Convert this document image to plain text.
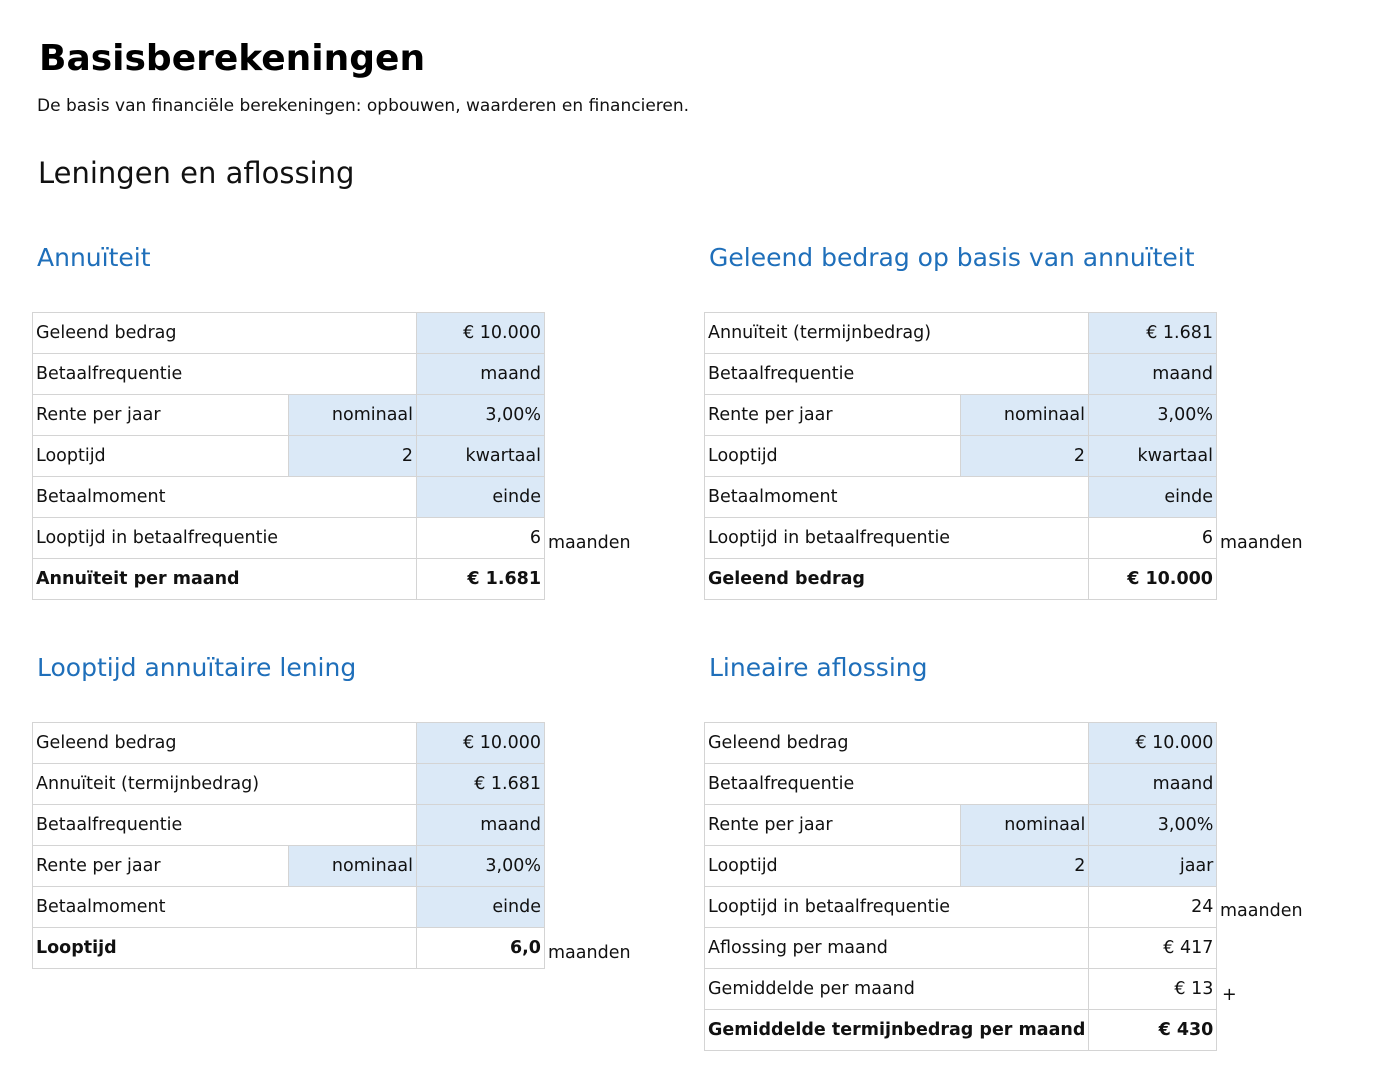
Basisberekeningen
De basis van financiële berekeningen: opbouwen, waarderen en financieren.
Leningen en aflossing
Annuïteit
Geleend bedrag		€ 10.000
Betaalfrequentie		maand
Rente per jaar	nominaal	3,00%
Looptijd	2	kwartaal
Betaalmoment		einde
Looptijd in betaalfrequentie		6
Annuïteit per maand		€ 1.681
maanden
Geleend bedrag op basis van annuïteit
Annuïteit (termijnbedrag)		€ 1.681
Betaalfrequentie		maand
Rente per jaar	nominaal	3,00%
Looptijd	2	kwartaal
Betaalmoment		einde
Looptijd in betaalfrequentie		6
Geleend bedrag		€ 10.000
maanden
Looptijd annuïtaire lening
Geleend bedrag		€ 10.000
Annuïteit (termijnbedrag)		€ 1.681
Betaalfrequentie		maand
Rente per jaar	nominaal	3,00%
Betaalmoment		einde
Looptijd		6,0 maanden
Lineaire aflossing
Geleend bedrag		€ 10.000
Betaalfrequentie		maand
Rente per jaar	nominaal	3,00%
Looptijd	2	jaar
Looptijd in betaalfrequentie		24
Aflossing per maand		€ 417
Gemiddelde per maand		€ 13
Gemiddelde termijnbedrag per maand		€ 430
maanden
+
